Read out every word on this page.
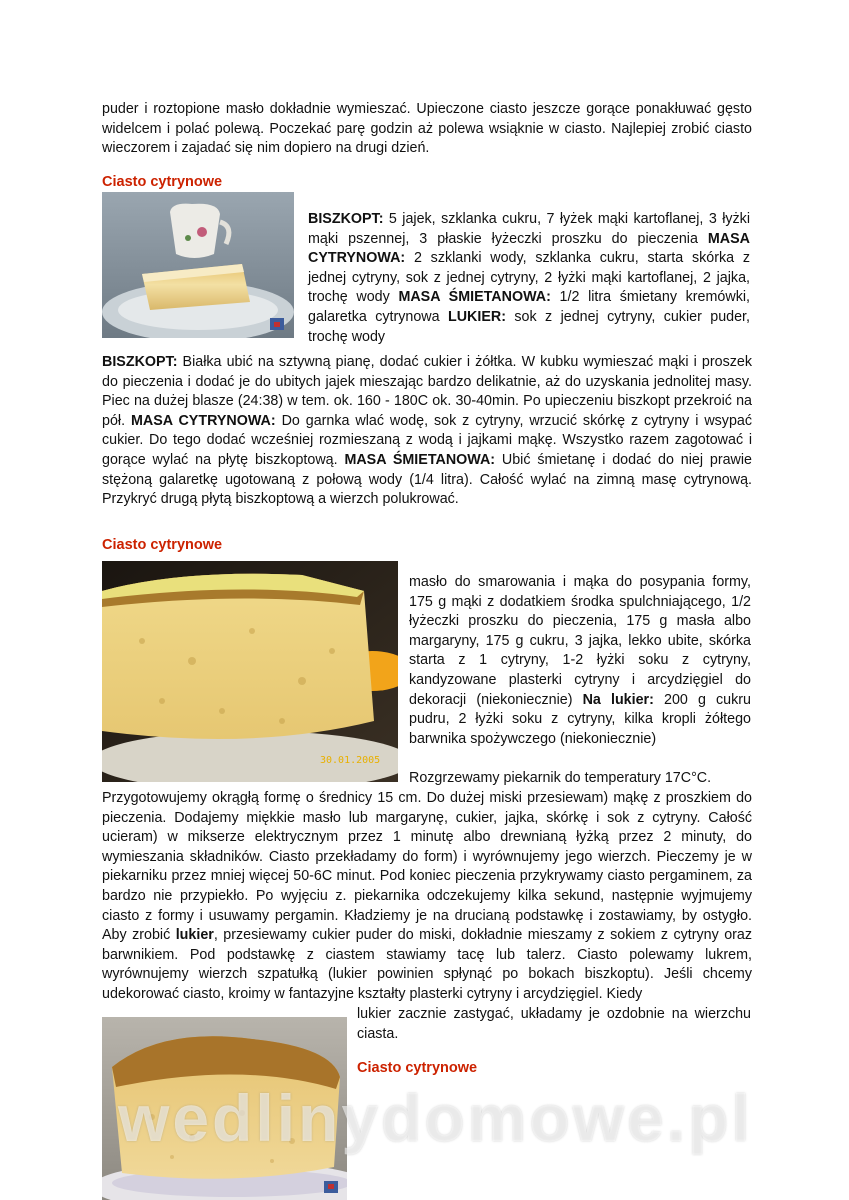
puder i roztopione masło dokładnie wymieszać. Upieczone ciasto jeszcze gorące ponakłuwać gęsto widelcem i polać polewą. Poczekać parę godzin aż polewa wsiąknie w ciasto. Najlepiej zrobić ciasto wieczorem i zajadać się nim dopiero na drugi dzień.

Ciasto cytrynowe

BISZKOPT: 5 jajek, szklanka cukru, 7 łyżek mąki kartoflanej, 3 łyżki mąki pszennej, 3 płaskie łyżeczki proszku do pieczenia MASA CYTRYNOWA: 2 szklanki wody, szklanka cukru, starta skórka z jednej cytryny, sok z jednej cytryny, 2 łyżki mąki kartoflanej, 2 jajka, trochę wody MASA ŚMIETANOWA: 1/2 litra śmietany kremówki, galaretka cytrynowa LUKIER: sok z jednej cytryny, cukier puder, trochę wody

BISZKOPT: Białka ubić na sztywną pianę, dodać cukier i żółtka. W kubku wymieszać mąki i proszek do pieczenia i dodać je do ubitych jajek mieszając bardzo delikatnie, aż do uzyskania jednolitej masy. Piec na dużej blasze (24:38) w tem. ok. 160 - 180C ok. 30-40min. Po upieczeniu biszkopt przekroić na pół. MASA CYTRYNOWA: Do garnka wlać wodę, sok z cytryny, wrzucić skórkę z cytryny i wsypać cukier. Do tego dodać wcześniej rozmieszaną z wodą i jajkami mąkę. Wszystko razem zagotować i gorące wylać na płytę biszkoptową. MASA ŚMIETANOWA: Ubić śmietanę i dodać do niej prawie stężoną galaretkę ugotowaną z połową wody (1/4 litra). Całość wylać na zimną masę cytrynową. Przykryć drugą płytą biszkoptową a wierzch polukrować.

Ciasto cytrynowe
30.01.2005

masło do smarowania i mąka do posypania formy, 175 g mąki z dodatkiem środka spulchniającego, 1/2 łyżeczki proszku do pieczenia, 175 g masła albo margaryny, 175 g cukru, 3 jajka, lekko ubite, skórka starta z 1 cytryny, 1-2 łyżki soku z cytryny, kandyzowane plasterki cytryny i arcydzięgiel do dekoracji (niekoniecznie) Na lukier: 200 g cukru pudru, 2 łyżki soku z cytryny, kilka kropli żółtego barwnika spożywczego (niekoniecznie)

Rozgrzewamy piekarnik do temperatury 17C°C.

Przygotowujemy okrągłą formę o średnicy 15 cm. Do dużej miski przesiewam) mąkę z proszkiem do pieczenia. Dodajemy miękkie masło lub margarynę, cukier, jajka, skórkę i sok z cytryny. Całość ucieram) w mikserze elektrycznym przez 1 minutę albo drewnianą łyżką przez 2 minuty, do wymieszania składników. Ciasto przekładamy do form) i wyrównujemy jego wierzch. Pieczemy je w piekarniku przez mniej więcej 50-6C minut. Pod koniec pieczenia przykrywamy ciasto pergaminem, za bardzo nie przypiekło. Po wyjęciu z. piekarnika odczekujemy kilka sekund, następnie wyjmujemy ciasto z formy i usuwamy pergamin. Kładziemy je na drucianą podstawkę i zostawiamy, by ostygło. Aby zrobić lukier, przesiewamy cukier puder do miski, dokładnie mieszamy z sokiem z cytryny oraz barwnikiem. Pod podstawkę z ciastem stawiamy tacę lub talerz. Ciasto polewamy lukrem, wyrównujemy wierzch szpatułką (lukier powinien spłynąć po bokach biszkoptu). Jeśli chcemy udekorować ciasto, kroimy w fantazyjne kształty plasterki cytryny i arcydzięgiel. Kiedy

lukier zacznie zastygać, układamy je ozdobnie na wierzchu ciasta.

Ciasto cytrynowe
wedlinydomowe.pl
